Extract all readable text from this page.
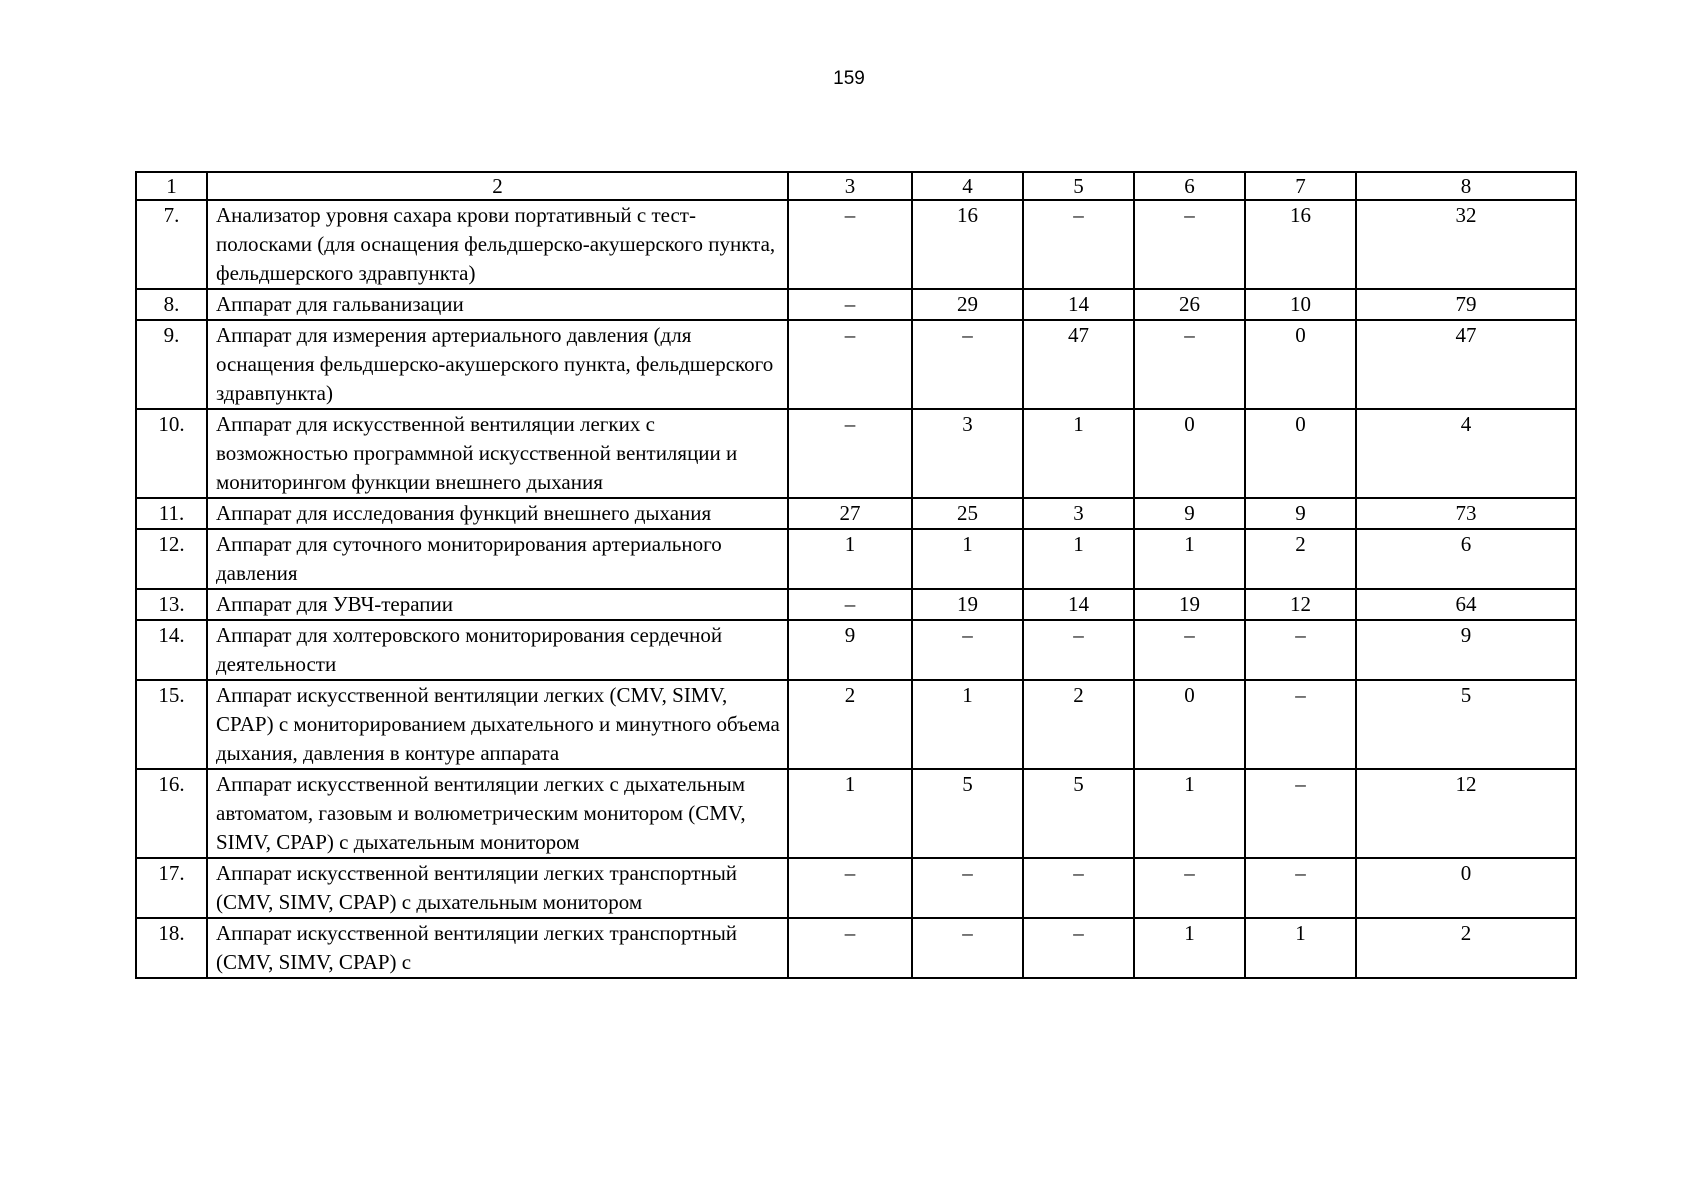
159
1	2	3	4	5	6	7	8
7.	Анализатор уровня сахара крови портативный с тест-полосками (для оснащения фельдшерско-акушерского пункта, фельдшерского здравпункта)	–	16	–	–	16	32
8.	Аппарат для гальванизации	–	29	14	26	10	79
9.	Аппарат для измерения артериального давления (для оснащения фельдшерско-акушерского пункта, фельдшерского здравпункта)	–	–	47	–	0	47
10.	Аппарат для искусственной вентиляции легких с возможностью программной искусственной вентиляции и мониторингом функции внешнего дыхания	–	3	1	0	0	4
11.	Аппарат для исследования функций внешнего дыхания	27	25	3	9	9	73
12.	Аппарат для суточного мониторирования артериального давления	1	1	1	1	2	6
13.	Аппарат для УВЧ-терапии	–	19	14	19	12	64
14.	Аппарат для холтеровского мониторирования сердечной деятельности	9	–	–	–	–	9
15.	Аппарат искусственной вентиляции легких (CMV, SIMV, CPAP) с мониторированием дыхательного и минутного объема дыхания, давления в контуре аппарата	2	1	2	0	–	5
16.	Аппарат искусственной вентиляции легких с дыхательным автоматом, газовым и волюметрическим монитором (CMV, SIMV, CPAP) с дыхательным монитором	1	5	5	1	–	12
17.	Аппарат искусственной вентиляции легких транспортный (CMV, SIMV, CPAP) с дыхательным монитором	–	–	–	–	–	0
18.	Аппарат искусственной вентиляции легких транспортный (CMV, SIMV, CPAP) с	–	–	–	1	1	2
